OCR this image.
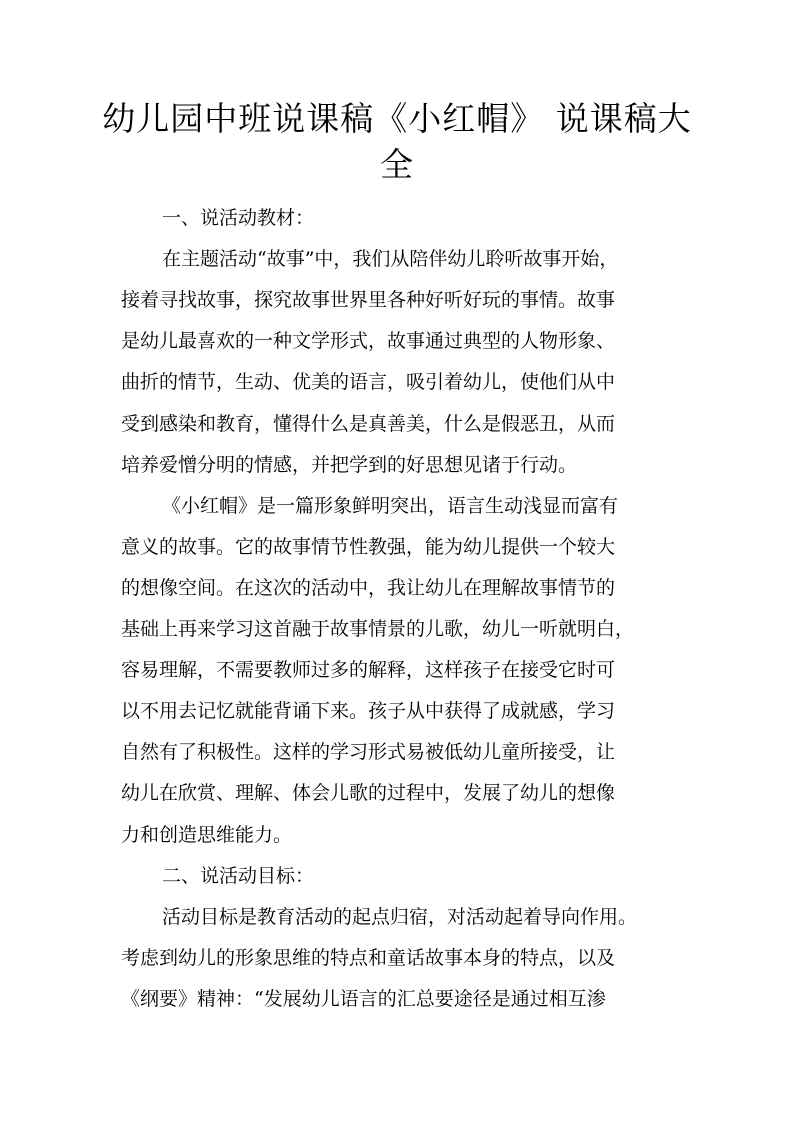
幼儿园中班说课稿《小红帽》 说课稿大
全
一、说活动教材：
在主题活动“故事”中，我们从陪伴幼儿聆听故事开始，
接着寻找故事，探究故事世界里各种好听好玩的事情。故事
是幼儿最喜欢的一种文学形式，故事通过典型的人物形象、
曲折的情节，生动、优美的语言，吸引着幼儿，使他们从中
受到感染和教育，懂得什么是真善美，什么是假恶丑，从而
培养爱憎分明的情感，并把学到的好思想见诸于行动。
《小红帽》是一篇形象鲜明突出，语言生动浅显而富有
意义的故事。它的故事情节性教强，能为幼儿提供一个较大
的想像空间。在这次的活动中，我让幼儿在理解故事情节的
基础上再来学习这首融于故事情景的儿歌，幼儿一听就明白，
容易理解，不需要教师过多的解释，这样孩子在接受它时可
以不用去记忆就能背诵下来。孩子从中获得了成就感，学习
自然有了积极性。这样的学习形式易被低幼儿童所接受，让
幼儿在欣赏、理解、体会儿歌的过程中，发展了幼儿的想像
力和创造思维能力。
二、说活动目标：
活动目标是教育活动的起点归宿，对活动起着导向作用。
考虑到幼儿的形象思维的特点和童话故事本身的特点，以及
《纲要》精神：“发展幼儿语言的汇总要途径是通过相互渗
